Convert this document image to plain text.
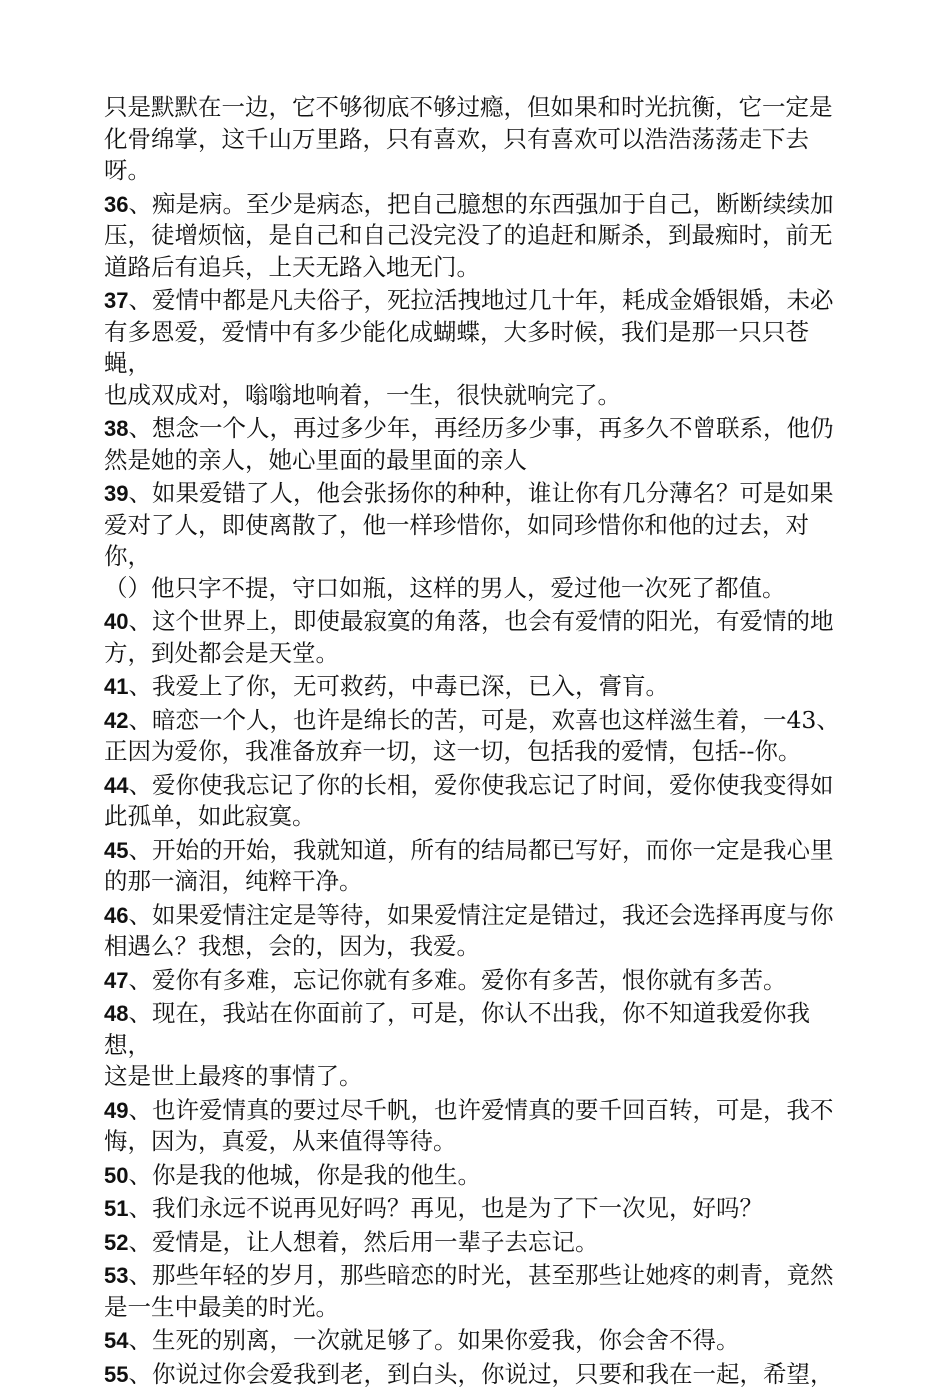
只是默默在一边，它不够彻底不够过瘾，但如果和时光抗衡，它一定是
化骨绵掌，这千山万里路，只有喜欢，只有喜欢可以浩浩荡荡走下去呀。
36、痴是病。至少是病态，把自己臆想的东西强加于自己，断断续续加
压，徒增烦恼，是自己和自己没完没了的追赶和厮杀，到最痴时，前无
道路后有追兵，上天无路入地无门。
37、爱情中都是凡夫俗子，死拉活拽地过几十年，耗成金婚银婚，未必
有多恩爱，爱情中有多少能化成蝴蝶，大多时候，我们是那一只只苍蝇，
也成双成对，嗡嗡地响着，一生，很快就响完了。
38、想念一个人，再过多少年，再经历多少事，再多久不曾联系，他仍
然是她的亲人，她心里面的最里面的亲人
39、如果爱错了人，他会张扬你的种种，谁让你有几分薄名？可是如果
爱对了人，即使离散了，他一样珍惜你，如同珍惜你和他的过去，对你，
（）他只字不提，守口如瓶，这样的男人，爱过他一次死了都值。
40、这个世界上，即使最寂寞的角落，也会有爱情的阳光，有爱情的地
方，到处都会是天堂。
41、我爱上了你，无可救药，中毒已深，已入，膏肓。
42、暗恋一个人，也许是绵长的苦，可是，欢喜也这样滋生着，一43、
正因为爱你，我准备放弃一切，这一切，包括我的爱情，包括--你。
44、爱你使我忘记了你的长相，爱你使我忘记了时间，爱你使我变得如
此孤单，如此寂寞。
45、开始的开始，我就知道，所有的结局都已写好，而你一定是我心里
的那一滴泪，纯粹干净。
46、如果爱情注定是等待，如果爱情注定是错过，我还会选择再度与你
相遇么？我想，会的，因为，我爱。
47、爱你有多难，忘记你就有多难。爱你有多苦，恨你就有多苦。
48、现在，我站在你面前了，可是，你认不出我，你不知道我爱你我想，
这是世上最疼的事情了。
49、也许爱情真的要过尽千帆，也许爱情真的要千回百转，可是，我不
悔，因为，真爱，从来值得等待。
50、你是我的他城，你是我的他生。
51、我们永远不说再见好吗？再见，也是为了下一次见，好吗？
52、爱情是，让人想着，然后用一辈子去忘记。
53、那些年轻的岁月，那些暗恋的时光，甚至那些让她疼的刺青，竟然
是一生中最美的时光。
54、生死的别离，一次就足够了。如果你爱我，你会舍不得。
55、你说过你会爱我到老，到白头，你说过，只要和我在一起，希望，
